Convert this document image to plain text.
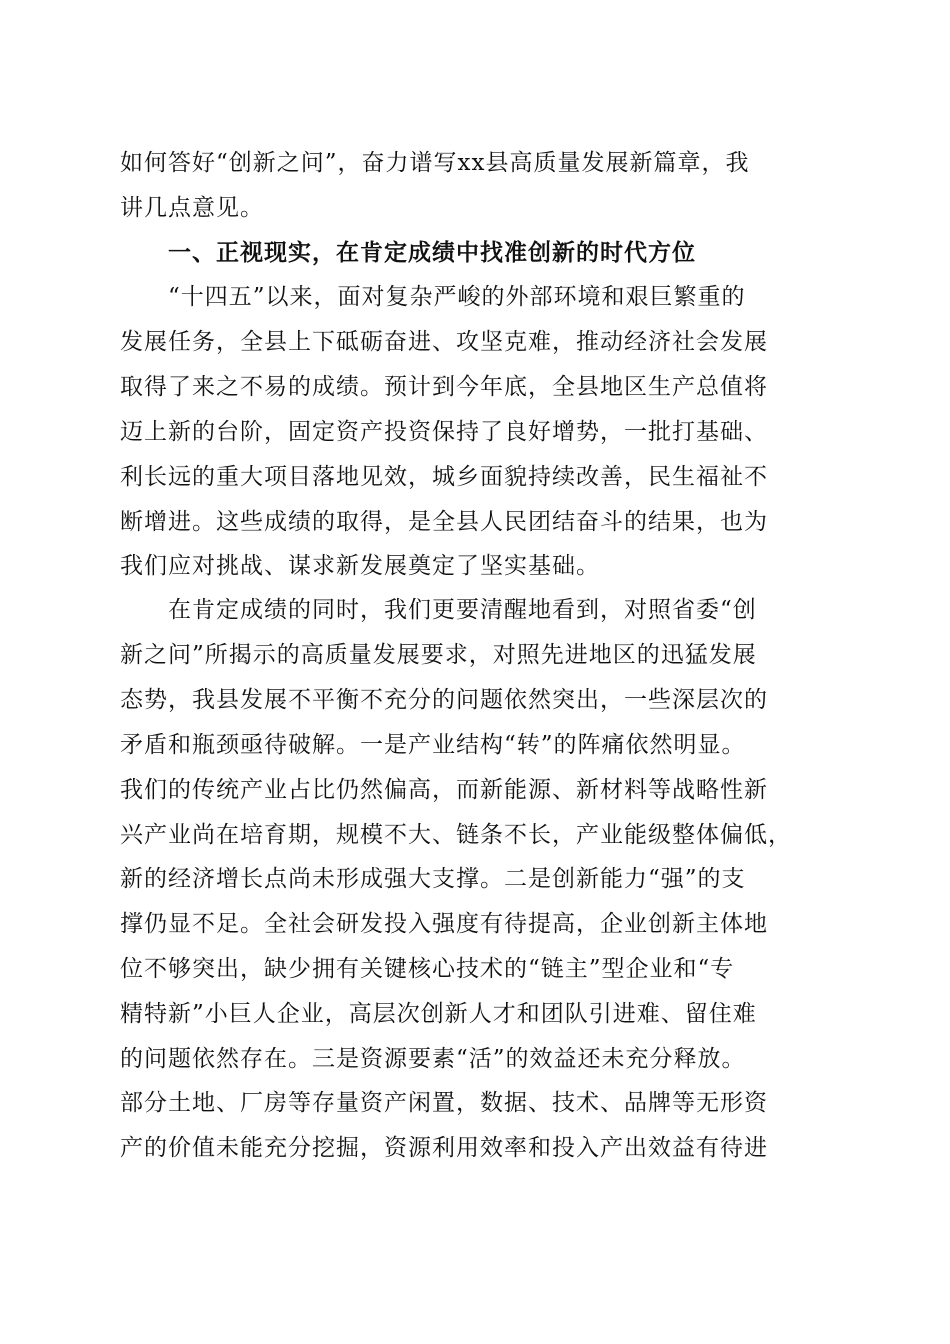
如何答好“创新之问”，奋力谱写xx县高质量发展新篇章，我
讲几点意见。
一、正视现实，在肯定成绩中找准创新的时代方位
“十四五”以来，面对复杂严峻的外部环境和艰巨繁重的
发展任务，全县上下砥砺奋进、攻坚克难，推动经济社会发展
取得了来之不易的成绩。预计到今年底，全县地区生产总值将
迈上新的台阶，固定资产投资保持了良好增势，一批打基础、
利长远的重大项目落地见效，城乡面貌持续改善，民生福祉不
断增进。这些成绩的取得，是全县人民团结奋斗的结果，也为
我们应对挑战、谋求新发展奠定了坚实基础。
在肯定成绩的同时，我们更要清醒地看到，对照省委“创
新之问”所揭示的高质量发展要求，对照先进地区的迅猛发展
态势，我县发展不平衡不充分的问题依然突出，一些深层次的
矛盾和瓶颈亟待破解。一是产业结构“转”的阵痛依然明显。
我们的传统产业占比仍然偏高，而新能源、新材料等战略性新
兴产业尚在培育期，规模不大、链条不长，产业能级整体偏低，
新的经济增长点尚未形成强大支撑。二是创新能力“强”的支
撑仍显不足。全社会研发投入强度有待提高，企业创新主体地
位不够突出，缺少拥有关键核心技术的“链主”型企业和“专
精特新”小巨人企业，高层次创新人才和团队引进难、留住难
的问题依然存在。三是资源要素“活”的效益还未充分释放。
部分土地、厂房等存量资产闲置，数据、技术、品牌等无形资
产的价值未能充分挖掘，资源利用效率和投入产出效益有待进
